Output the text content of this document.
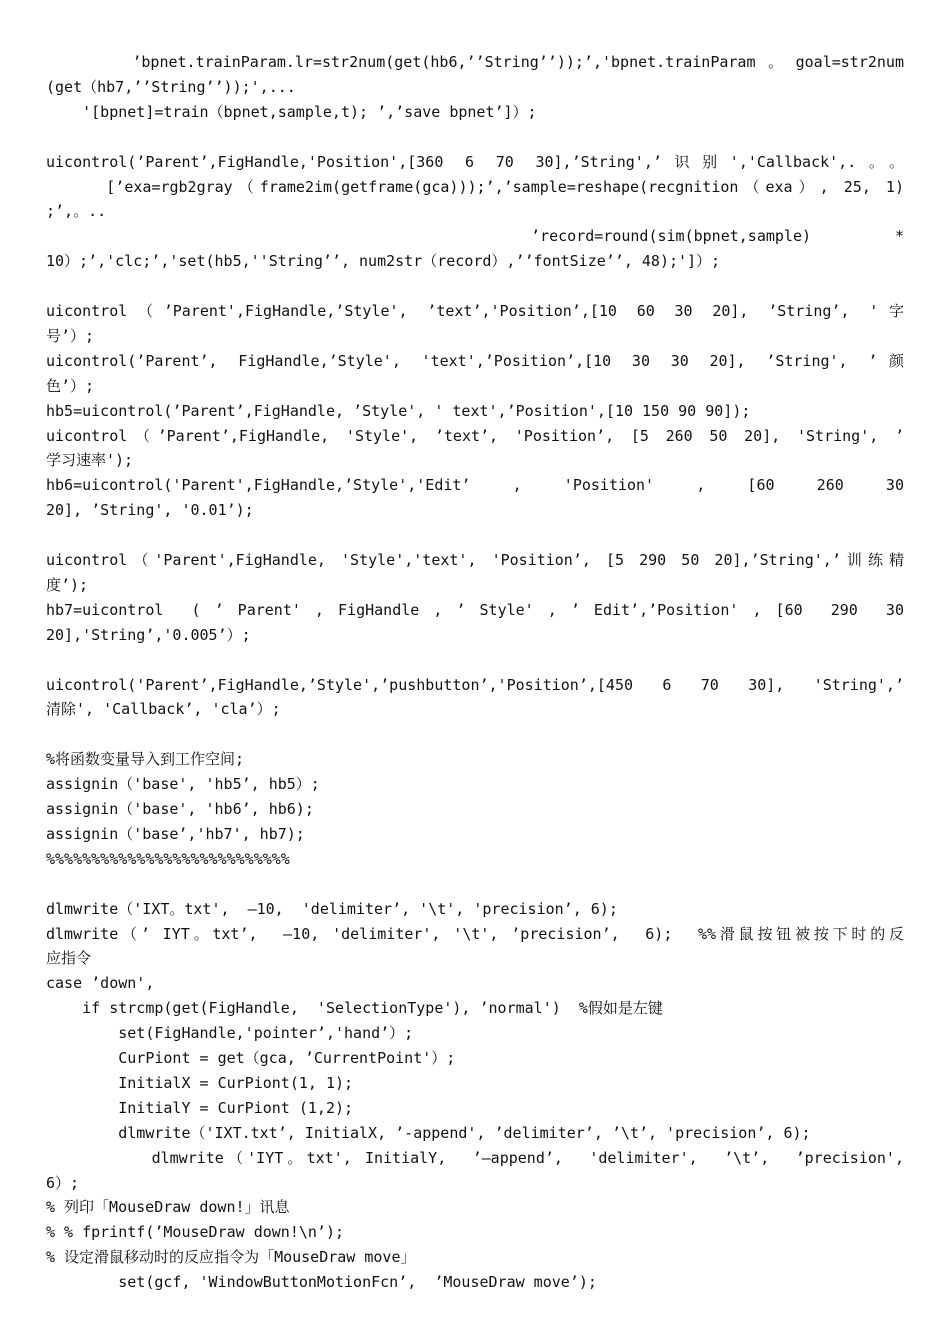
’bpnet.trainParam.lr=str2num(get(hb6,’’String’’));’,'bpnet.trainParam。goal=str2num
(get（hb7,’’String’’));',...
'[bpnet]=train（bpnet,sample,t); ’,’save bpnet’]）;
uicontrol(’Parent’,FigHandle,'Position',[360 6 70 30],’String',’识别','Callback',.。。
[’exa=rgb2gray（frame2im(getframe(gca)));’,’sample=reshape(recgnition（exa）, 25, 1)
;’,。..
’record=round(sim(bpnet,sample)         *
10）;’,'clc;’,'set(hb5,''String’’, num2str（record）,’’fontSize’’, 48);']）;
uicontrol（’Parent',FigHandle,’Style', ’text’,'Position’,[10 60 30 20], ’String’, '字
号’）;
uicontrol(’Parent’, FigHandle,’Style', 'text',’Position’,[10 30 30 20], ’String', ’颜
色’）;
hb5=uicontrol(’Parent’,FigHandle, ’Style', ' text',’Position',[10 150 90 90]);
uicontrol（’Parent’,FigHandle, 'Style', ’text’, 'Position’, [5 260 50 20], 'String', ’
学习速率');
hb6=uicontrol('Parent',FigHandle,’Style','Edit’    ,    'Position'    ,    [60    260    30
20], ’String', '0.01’);
uicontrol（'Parent',FigHandle, 'Style','text', 'Position’, [5 290 50 20],’String',’训练精
度’);
hb7=uicontrol  ( ’ Parent' , FigHandle , ’ Style' , ’ Edit’,’Position' , [60  290  30
20],'String’,'0.005’）;
uicontrol('Parent’,FigHandle,’Style',’pushbutton’,'Position’,[450 6 70 30], 'String',’
清除', 'Callback’, 'cla’）;
%将函数变量导入到工作空间;
assignin（'base', 'hb5’, hb5）;
assignin（'base', 'hb6’, hb6);
assignin（'base’,'hb7', hb7);
%%%%%%%%%%%%%%%%%%%%%%%%%%%
dlmwrite（'IXT。txt',  —10,  'delimiter’, '\t', 'precision’, 6);
dlmwrite（’ IYT。txt’,  —10, 'delimiter', '\t', ’precision’,  6);  %%滑鼠按钮被按下时的反
应指令
case ’down',
if strcmp(get(FigHandle,  'SelectionType'), ’normal')  %假如是左键
set(FigHandle,'pointer’,'hand’）;
CurPiont = get（gca, ’CurrentPoint'）;
InitialX = CurPiont(1, 1);
InitialY = CurPiont (1,2);
dlmwrite（'IXT.txt’, InitialX, ’-append', ’delimiter’, ’\t’, 'precision’, 6);
dlmwrite（'IYT。txt', InitialY,  ’—append’,  'delimiter',  ’\t’,  ’precision',
6）;
% 列印「MouseDraw down!」讯息
% % fprintf(’MouseDraw down!\n’);
% 设定滑鼠移动时的反应指令为「MouseDraw move」
set(gcf, 'WindowButtonMotionFcn’,  ’MouseDraw move’);
